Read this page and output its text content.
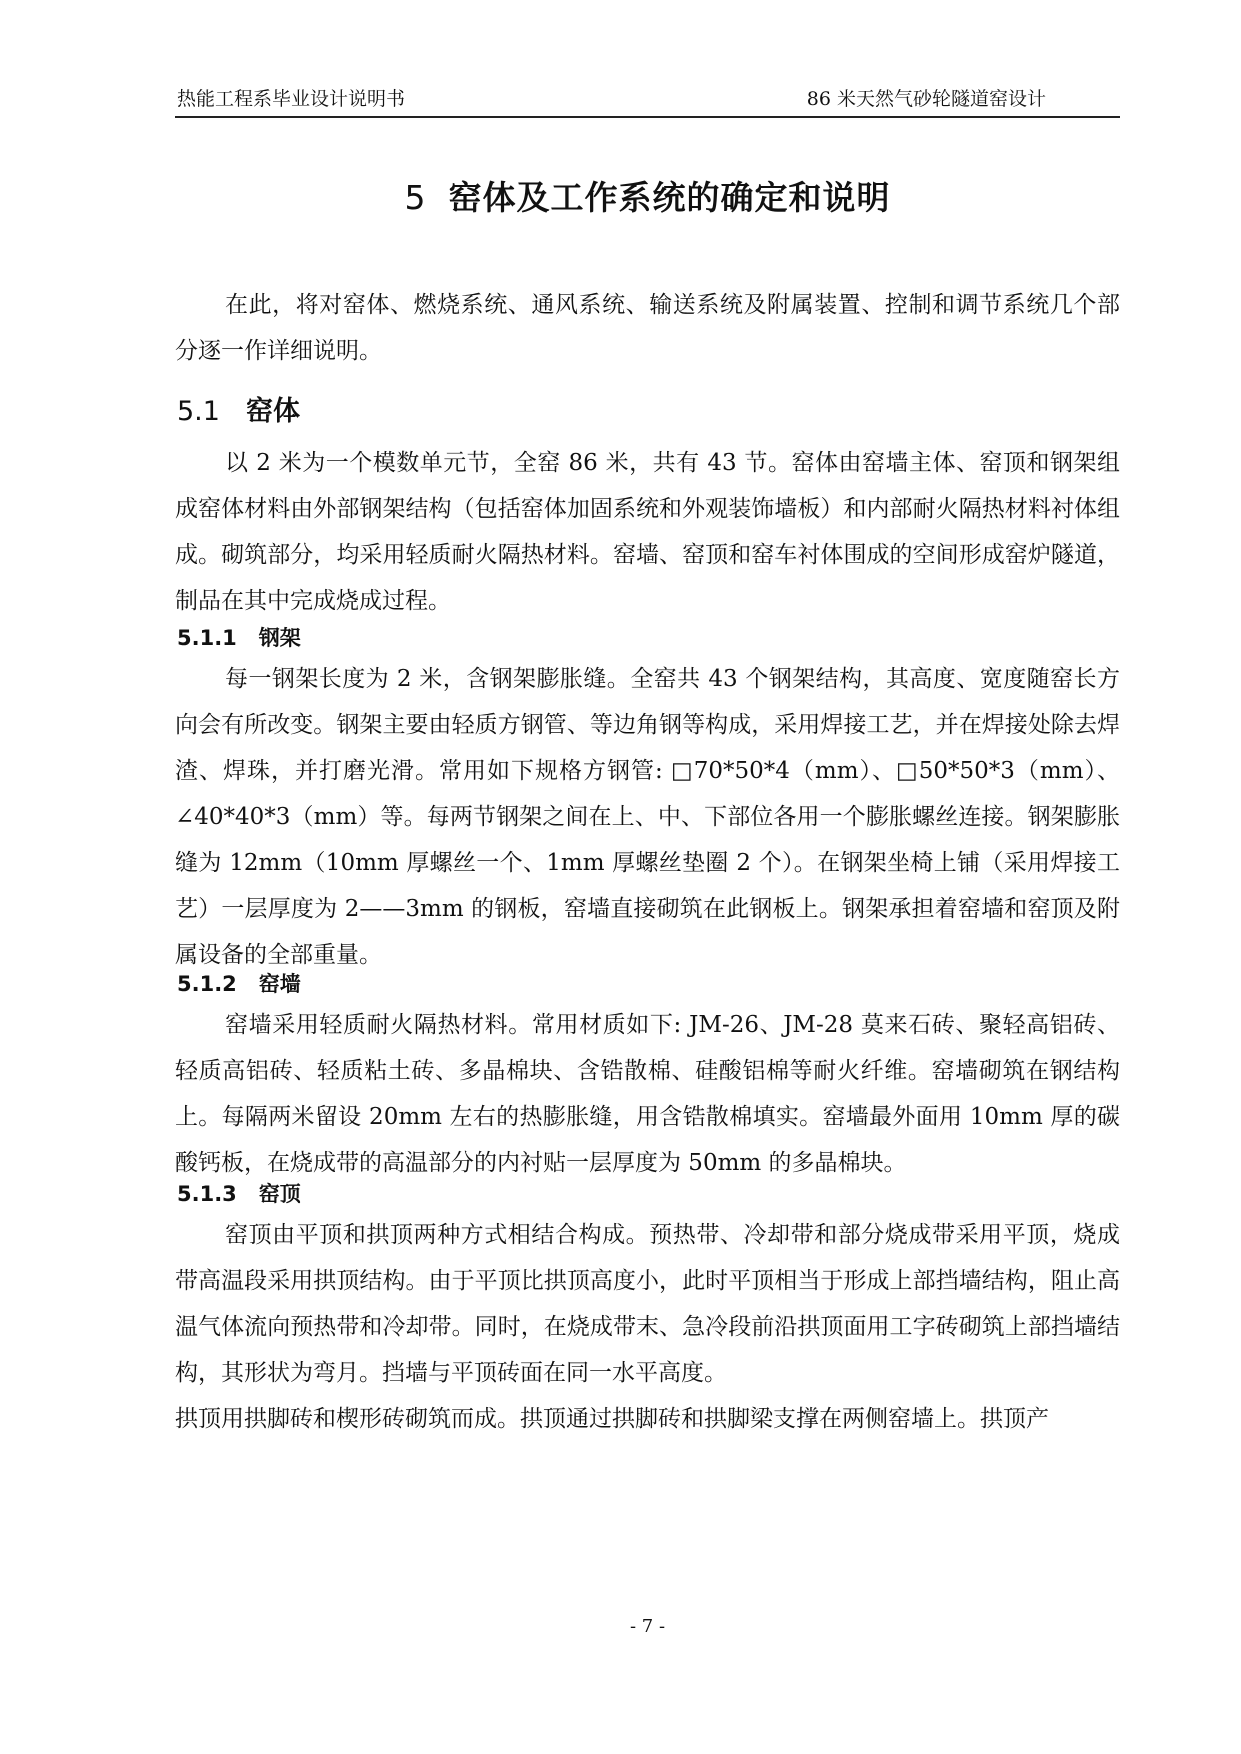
热能工程系毕业设计说明书	86 米天然气砂轮隧道窑设计
5 窑体及工作系统的确定和说明
在此，将对窑体、燃烧系统、通风系统、输送系统及附属装置、控制和调节系统几个部分逐一作详细说明。
5.1 窑体
以 2 米为一个模数单元节，全窑 86 米，共有 43 节。窑体由窑墙主体、窑顶和钢架组成窑体材料由外部钢架结构（包括窑体加固系统和外观装饰墙板）和内部耐火隔热材料衬体组成。砌筑部分，均采用轻质耐火隔热材料。窑墙、窑顶和窑车衬体围成的空间形成窑炉隧道，制品在其中完成烧成过程。
5.1.1 钢架
每一钢架长度为 2 米，含钢架膨胀缝。全窑共 43 个钢架结构，其高度、宽度随窑长方向会有所改变。钢架主要由轻质方钢管、等边角钢等构成，采用焊接工艺，并在焊接处除去焊渣、焊珠，并打磨光滑。常用如下规格方钢管: □70*50*4（mm）、□50*50*3（mm）、∠40*40*3（mm）等。每两节钢架之间在上、中、下部位各用一个膨胀螺丝连接。钢架膨胀缝为 12mm（10mm 厚螺丝一个、1mm 厚螺丝垫圈 2 个）。在钢架坐椅上铺（采用焊接工艺）一层厚度为 2——3mm 的钢板，窑墙直接砌筑在此钢板上。钢架承担着窑墙和窑顶及附属设备的全部重量。
5.1.2 窑墙
窑墙采用轻质耐火隔热材料。常用材质如下: JM-26、JM-28 莫来石砖、聚轻高铝砖、轻质高铝砖、轻质粘土砖、多晶棉块、含锆散棉、硅酸铝棉等耐火纤维。窑墙砌筑在钢结构上。每隔两米留设 20mm 左右的热膨胀缝，用含锆散棉填实。窑墙最外面用 10mm 厚的碳酸钙板，在烧成带的高温部分的内衬贴一层厚度为 50mm 的多晶棉块。
5.1.3 窑顶
窑顶由平顶和拱顶两种方式相结合构成。预热带、冷却带和部分烧成带采用平顶，烧成带高温段采用拱顶结构。由于平顶比拱顶高度小，此时平顶相当于形成上部挡墙结构，阻止高温气体流向预热带和冷却带。同时，在烧成带末、急冷段前沿拱顶面用工字砖砌筑上部挡墙结构，其形状为弯月。挡墙与平顶砖面在同一水平高度。
拱顶用拱脚砖和楔形砖砌筑而成。拱顶通过拱脚砖和拱脚梁支撑在两侧窑墙上。拱顶产
- 7 -
